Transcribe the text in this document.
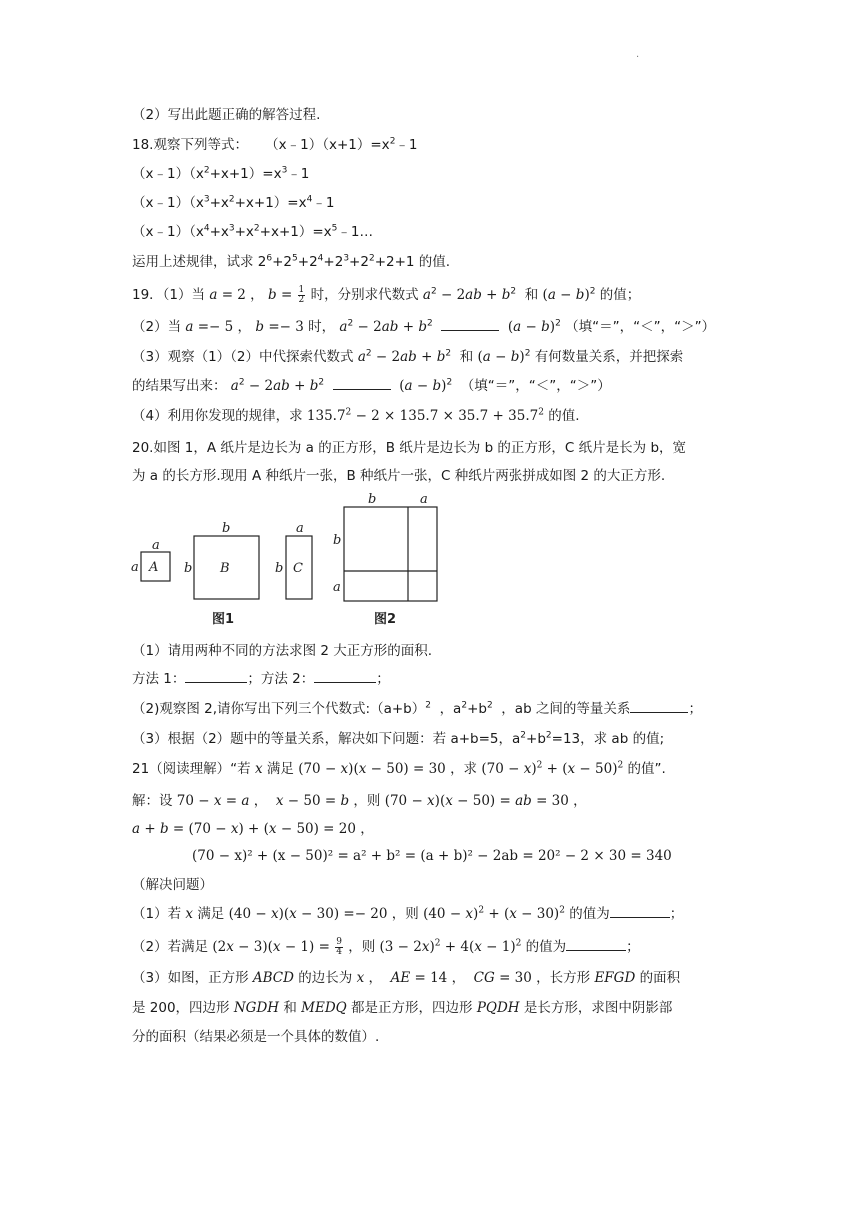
·
（2）写出此题正确的解答过程.
18.观察下列等式： $(x﹣1)(x+1)=x^2﹣1$
$(x﹣1)(x^2+x+1)=x^3﹣1$
$(x﹣1)(x^3+x^2+x+1)=x^4﹣1$
$(x﹣1)(x^4+x^3+x^2+x+1)=x^5﹣1\dots$
运用上述规律，试求 $2^6+2^5+2^4+2^3+2^2+2+1$ 的值.
19．（1）当 a = 2 ， $b = \frac{1}{2}$ 时，分别求代数式 $a^2 - 2ab + b^2$ 和 $(a - b)^2$ 的值；
（2）当 a =− 5 ， b =− 3 时， $a^2 - 2ab + b^2$	$(a - b)^2$ （填“＝”，“＜”，“＞”）
（3）观察（1）（2）中代探索代数式 $a^2 - 2ab + b^2$ 和 $(a - b)^2$ 有何数量关系，并把探索
的结果写出来： $a^2 - 2ab + b^2$	$(a - b)^2$ （填“＝”，“＜”，“＞”）
（4）利用你发现的规律，求 $135.7^2 - 2 \times 135.7 \times 35.7 + 35.7^2$ 的值.
20.如图 1，A 纸片是边长为 a 的正方形，B 纸片是边长为 b 的正方形，C 纸片是长为 b，宽
为 a 的长方形.现用 A 种纸片一张，B 种纸片一张，C 种纸片两张拼成如图 2 的大正方形.
a
a A
b
b B
a
b C
b	a
b
a
图1	图2
（1）请用两种不同的方法求图 2 大正方形的面积.
方法 1：	；方法 2：	；
（2)观察图 2,请你写出下列三个代数式$:(a+b)^2$ ，$a^2+b^2$ ，ab 之间的等量关系	；
（3）根据（2）题中的等量关系，解决如下问题：若 a+b=5，$a^2+b^2=13$，求 ab 的值;
21（阅读理解）“若 x 满足 (70 − x)(x − 50) = 30 ，求 $(70 - x)^2 + (x - 50)^2$ 的值”.
解：设 70 − x = a ， x − 50 = b ，则 (70 − x)(x − 50) = ab = 30 ，
a + b = (70 − x) + (x − 50) = 20 ，
(70 − x)² + (x − 50)² = a² + b² = (a + b)² − 2ab = 20² − 2 × 30 = 340
（解决问题）
（1）若 x 满足 (40 − x)(x − 30) =− 20 ，则 $(40 - x)^2 + (x - 30)^2$ 的值为	；
（2）若满足 $(2x - 3)(x - 1) = \frac{9}{4}$ ，则 $(3 - 2x)^2 + 4(x - 1)^2$ 的值为	；
（3）如图，正方形 ABCD 的边长为 x ， AE = 14 ， CG = 30 ，长方形 EFGD 的面积
是 200，四边形 NGDH 和 MEDQ 都是正方形，四边形 PQDH 是长方形，求图中阴影部
分的面积（结果必须是一个具体的数值）.
